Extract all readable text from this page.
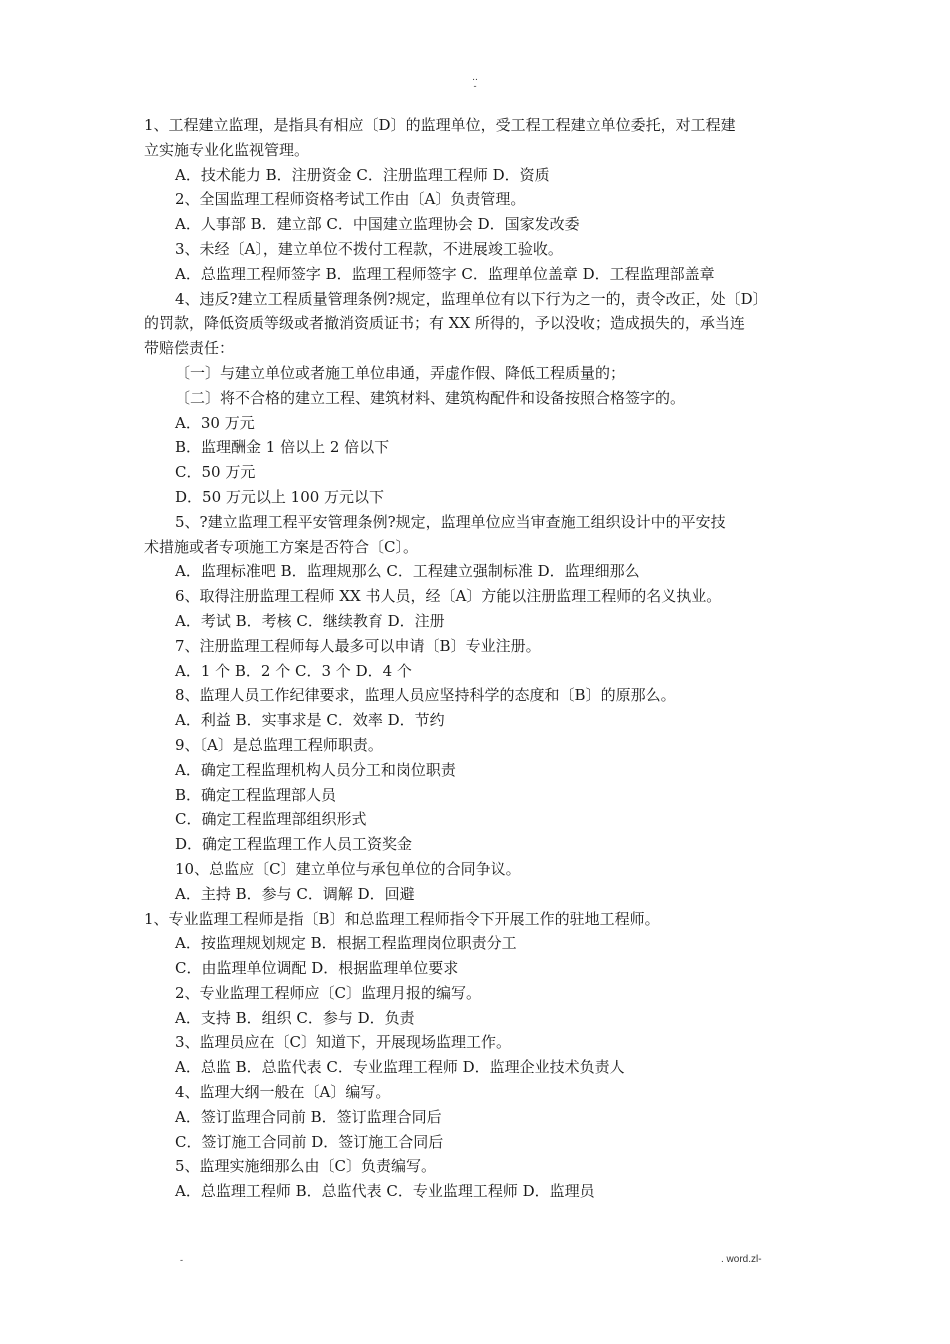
..
-
1、工程建立监理，是指具有相应〔D〕的监理单位，受工程工程建立单位委托，对工程建
立实施专业化监视管理。
A．技术能力 B．注册资金 C．注册监理工程师 D．资质
2、全国监理工程师资格考试工作由〔A〕负责管理。
A．人事部 B．建立部 C．中国建立监理协会 D．国家发改委
3、未经〔A〕，建立单位不拨付工程款，不进展竣工验收。
A．总监理工程师签字 B．监理工程师签字 C．监理单位盖章 D．工程监理部盖章
4、违反?建立工程质量管理条例?规定，监理单位有以下行为之一的，责令改正，处〔D〕
的罚款，降低资质等级或者撤消资质证书；有 XX 所得的，予以没收；造成损失的，承当连
带赔偿责任：
〔一〕与建立单位或者施工单位串通，弄虚作假、降低工程质量的；
〔二〕将不合格的建立工程、建筑材料、建筑构配件和设备按照合格签字的。
A．30 万元
B．监理酬金 1 倍以上 2 倍以下
C．50 万元
D．50 万元以上 100 万元以下
5、?建立监理工程平安管理条例?规定，监理单位应当审查施工组织设计中的平安技
术措施或者专项施工方案是否符合〔C〕。
A．监理标准吧 B．监理规那么 C．工程建立强制标准 D．监理细那么
6、取得注册监理工程师 XX 书人员，经〔A〕方能以注册监理工程师的名义执业。
A．考试 B．考核 C．继续教育 D．注册
7、注册监理工程师每人最多可以申请〔B〕专业注册。
A．1 个 B．2 个 C．3 个 D．4 个
8、监理人员工作纪律要求，监理人员应坚持科学的态度和〔B〕的原那么。
A．利益 B．实事求是 C．效率 D．节约
9、〔A〕是总监理工程师职责。
A．确定工程监理机构人员分工和岗位职责
B．确定工程监理部人员
C．确定工程监理部组织形式
D．确定工程监理工作人员工资奖金
10、总监应〔C〕建立单位与承包单位的合同争议。
A．主持 B．参与 C．调解 D．回避
1、专业监理工程师是指〔B〕和总监理工程师指令下开展工作的驻地工程师。
A．按监理规划规定 B．根据工程监理岗位职责分工
C．由监理单位调配 D．根据监理单位要求
2、专业监理工程师应〔C〕监理月报的编写。
A．支持 B．组织 C．参与 D．负责
3、监理员应在〔C〕知道下，开展现场监理工作。
A．总监 B．总监代表 C．专业监理工程师 D．监理企业技术负责人
4、监理大纲一般在〔A〕编写。
A．签订监理合同前 B．签订监理合同后
C．签订施工合同前 D．签订施工合同后
5、监理实施细那么由〔C〕负责编写。
A．总监理工程师 B．总监代表 C．专业监理工程师 D．监理员
-	. word.zl-
